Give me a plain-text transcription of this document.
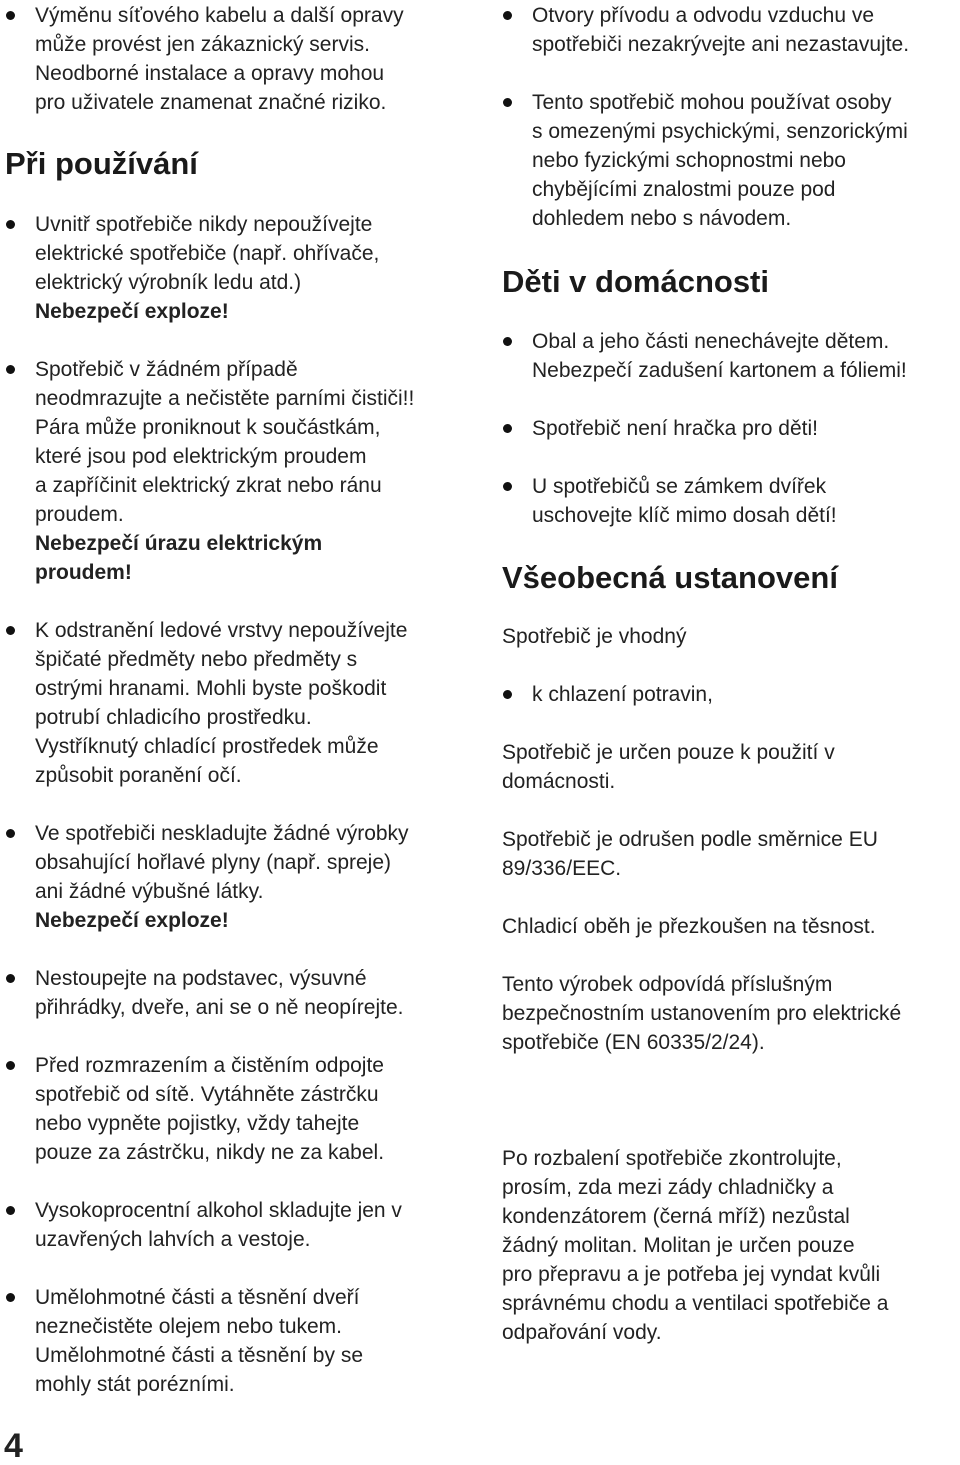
Výměnu síťového kabelu a další opravy
může provést jen zákaznický servis.
Neodborné instalace a opravy mohou
pro uživatele znamenat značné riziko.

Při používání

Uvnitř spotřebiče nikdy nepoužívejte
elektrické spotřebiče (např. ohřívače,
elektrický výrobník ledu atd.)
Nebezpečí exploze!

Spotřebič v žádném případě
neodmrazujte a nečistěte parními čističi!!
Pára může proniknout k součástkám,
které jsou pod elektrickým proudem
a zapříčinit elektrický zkrat nebo ránu
proudem.
Nebezpečí úrazu elektrickým
proudem!

K odstranění ledové vrstvy nepoužívejte
špičaté předměty nebo předměty s
ostrými hranami. Mohli byste poškodit
potrubí chladicího prostředku.
Vystříknutý chladící prostředek může
způsobit poranění očí.

Ve spotřebiči neskladujte žádné výrobky
obsahující hořlavé plyny (např. spreje)
ani žádné výbušné látky.
Nebezpečí exploze!

Nestoupejte na podstavec, výsuvné
přihrádky, dveře, ani se o ně neopírejte.

Před rozmrazením a čistěním odpojte
spotřebič od sítě. Vytáhněte zástrčku
nebo vypněte pojistky, vždy tahejte
pouze za zástrčku, nikdy ne za kabel.

Vysokoprocentní alkohol skladujte jen v
uzavřených lahvích a vestoje.

Umělohmotné části a těsnění dveří
neznečistěte olejem nebo tukem.
Umělohmotné části a těsnění by se
mohly stát porézními.

Otvory přívodu a odvodu vzduchu ve
spotřebiči nezakrývejte ani nezastavujte.

Tento spotřebič mohou používat osoby
s omezenými psychickými, senzorickými
nebo fyzickými schopnostmi nebo
chybějícími znalostmi pouze pod
dohledem nebo s návodem.

Děti v domácnosti

Obal a jeho části nenechávejte dětem.
Nebezpečí zadušení kartonem a fóliemi!

Spotřebič není hračka pro děti!

U spotřebičů se zámkem dvířek
uschovejte klíč mimo dosah dětí!

Všeobecná ustanovení

Spotřebič je vhodný

k chlazení potravin,

Spotřebič je určen pouze k použití v
domácnosti.

Spotřebič je odrušen podle směrnice EU
89/336/EEC.

Chladicí oběh je přezkoušen na těsnost.

Tento výrobek odpovídá příslušným
bezpečnostním ustanovením pro elektrické
spotřebiče (EN 60335/2/24).

Po rozbalení spotřebiče zkontrolujte,
prosím, zda mezi zády chladničky a
kondenzátorem (černá mříž) nezůstal
žádný molitan. Molitan je určen pouze
pro přepravu a je potřeba jej vyndat kvůli
správnému chodu a ventilaci spotřebiče a
odpařování vody.

4
